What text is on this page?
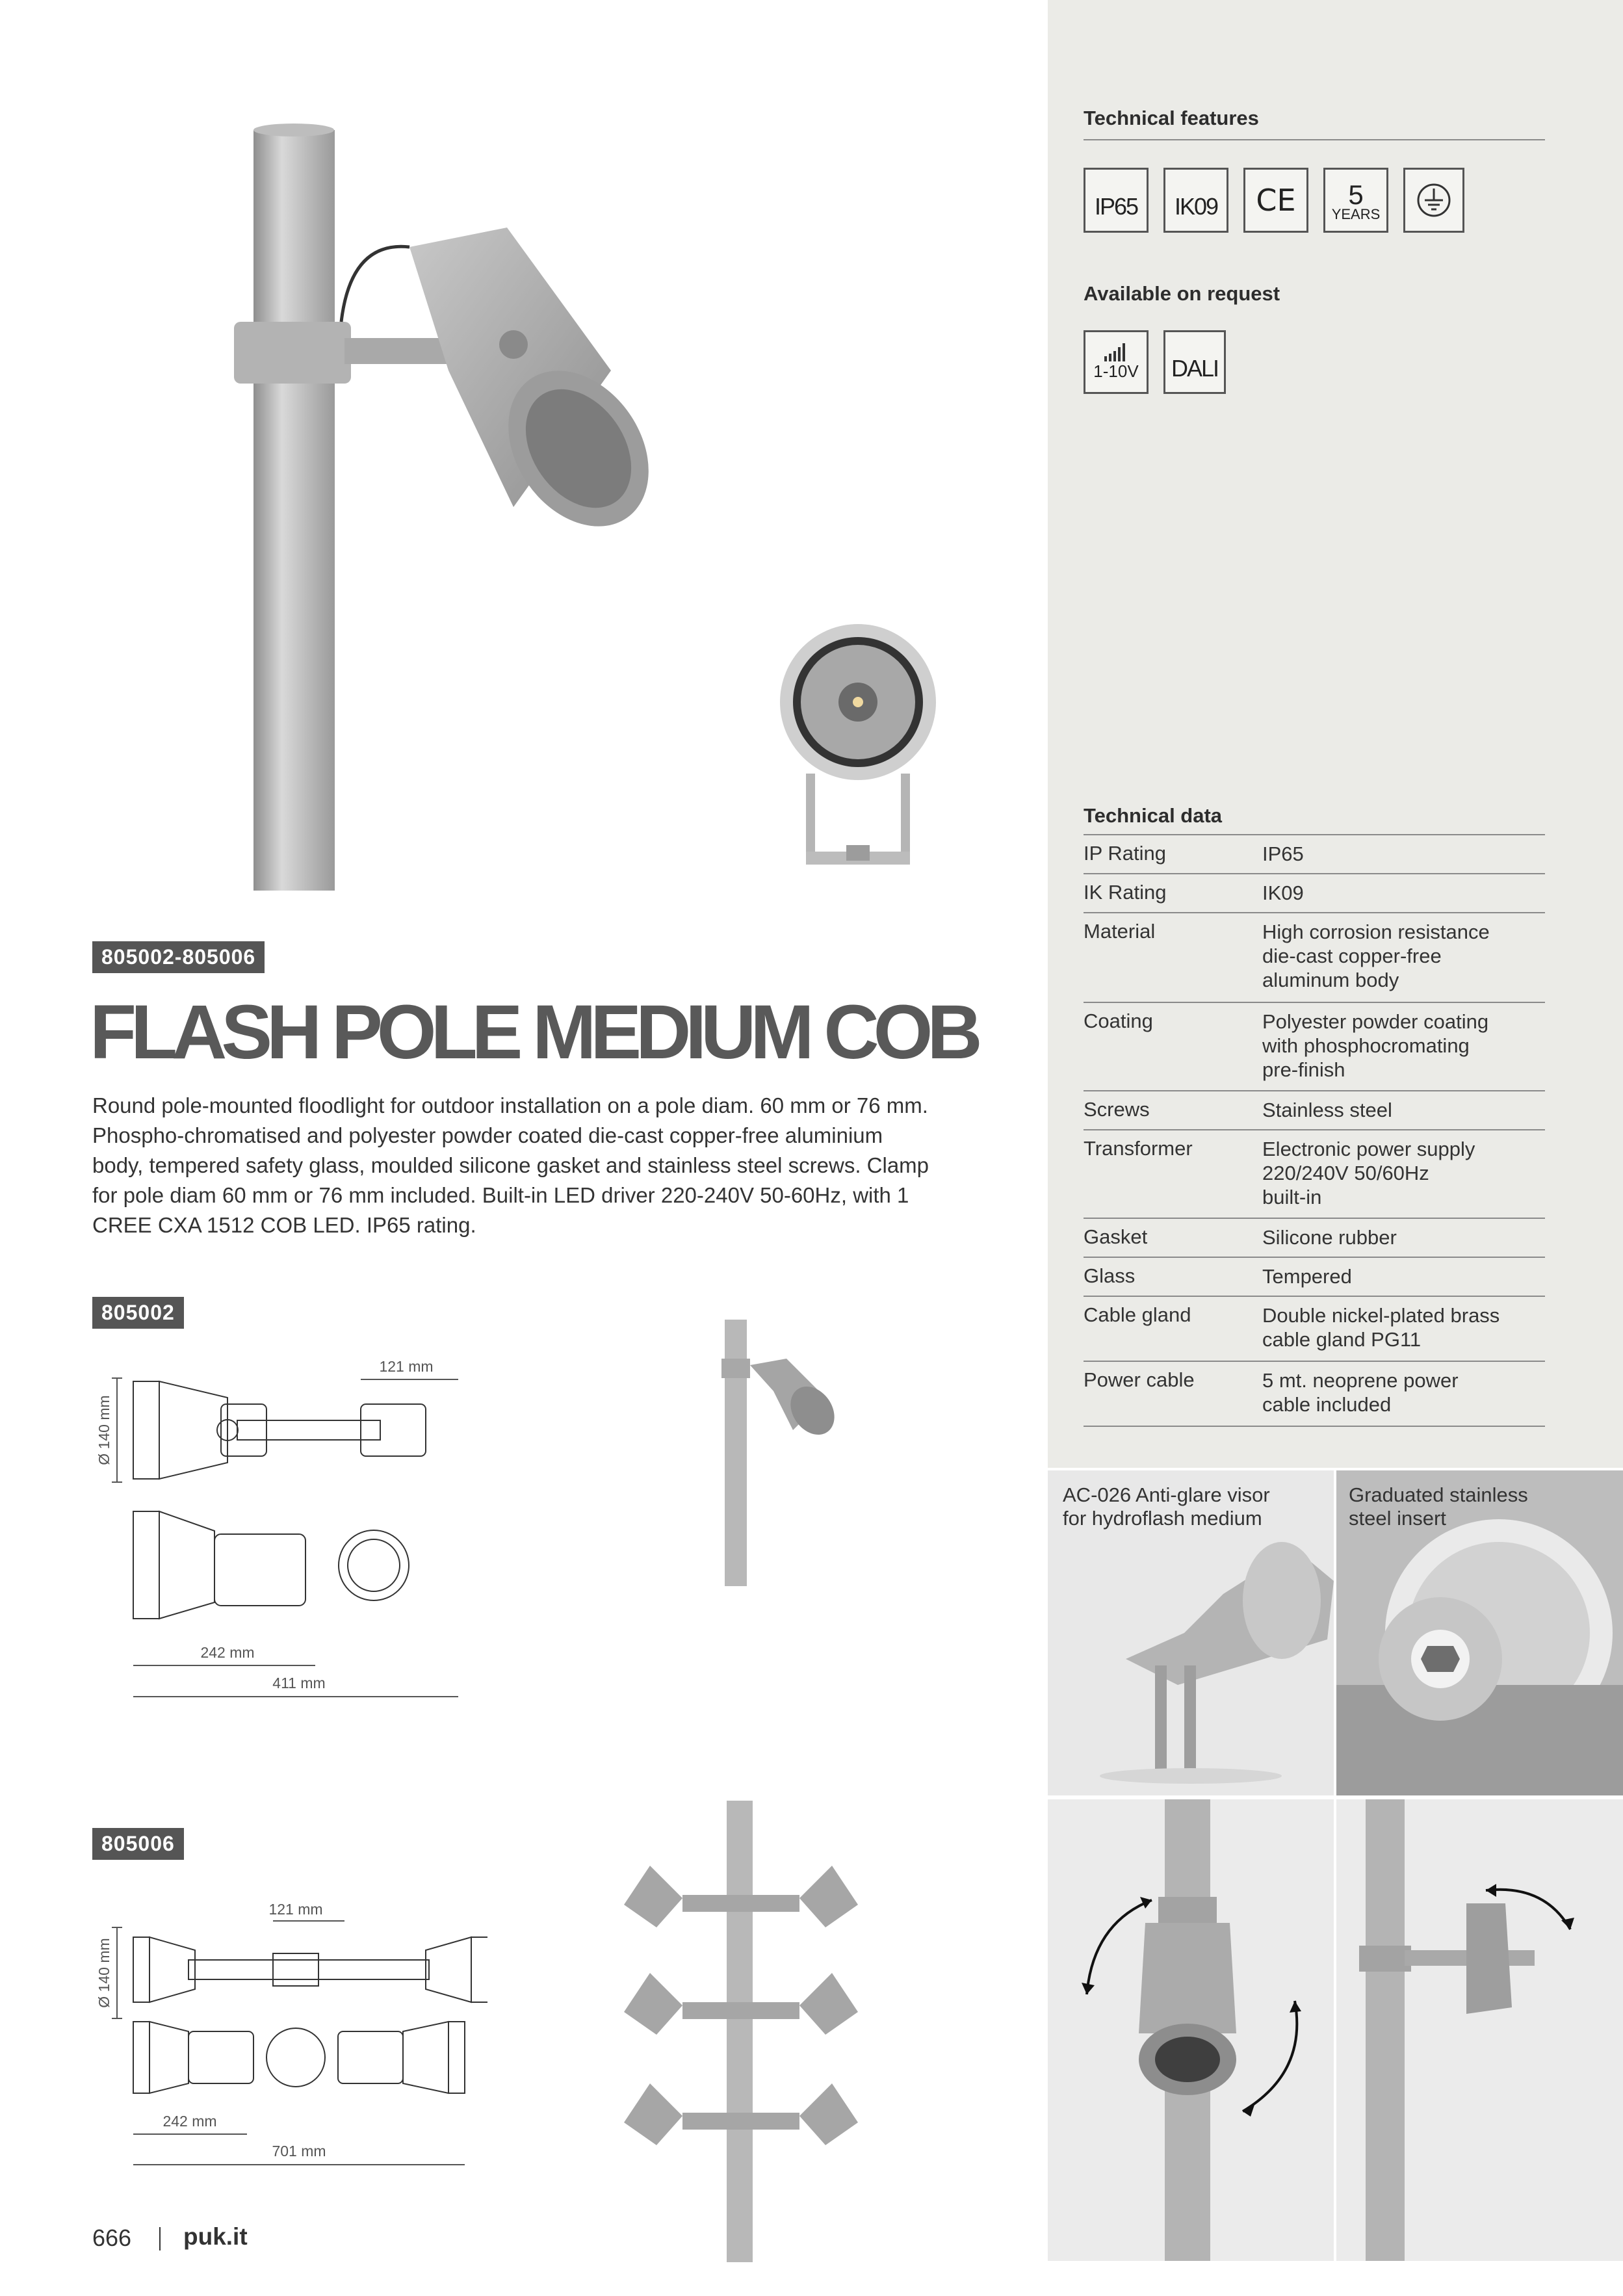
Technical features
IP65 IK09 CE 5
YEARS
Available on request
1-10V DALI
Technical data
IP Rating	IP65
IK Rating	IK09
Material	High corrosion resistance
die-cast copper-free
aluminum body
Coating	Polyester powder coating
with phosphocromating
pre-finish
Screws	Stainless steel
Transformer	Electronic power supply
220/240V 50/60Hz
built-in
Gasket	Silicone rubber
Glass	Tempered
Cable gland	Double nickel-plated brass
cable gland PG11
Power cable	5 mt. neoprene power
cable included
805002-805006
FLASH POLE MEDIUM COB
Round pole-mounted floodlight for outdoor installation on a pole diam. 60 mm or 76 mm. Phospho-chromatised and polyester powder coated die-cast copper-free aluminium body, tempered safety glass, moulded silicone gasket and stainless steel screws. Clamp for pole diam 60 mm or 76 mm included. Built-in LED driver 220-240V 50-60Hz, with 1 CREE CXA 1512 COB LED. IP65 rating.
805002
Ø 140 mm
121 mm
242 mm
411 mm
805006
Ø 140 mm
121 mm
242 mm
701 mm
AC-026 Anti-glare visor
for hydroflash medium
Graduated stainless
steel insert
666 puk.it
